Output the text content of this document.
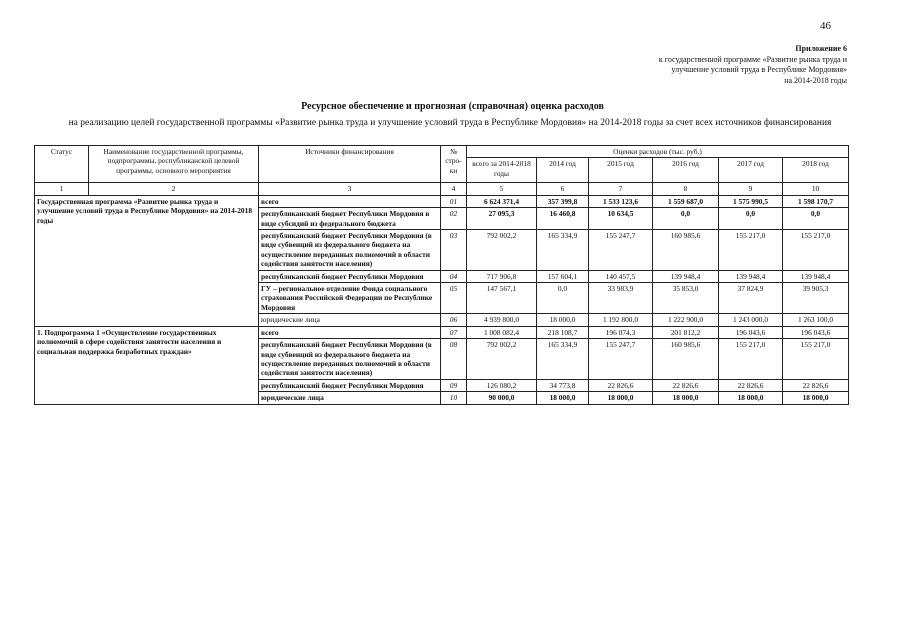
46
Приложение 6
к государственной программе «Развитие рынка труда и
улучшение условий труда в Республике Мордовия»
на 2014-2018 годы
Ресурсное обеспечение и прогнозная (справочная) оценка расходов
на реализацию целей государственной программы «Развитие рынка труда и улучшение условий труда в Республике Мордовия» на 2014-2018 годы за счет всех источников финансирования
Статус	Наименование государственной программы, подпрограммы, республиканской целевой программы, основного мероприятия	Источники финансирования	№ стро-ки	Оценки расходов (тыс. руб.)					
				всего за 2014-2018 годы	2014 год	2015 год	2016 год	2017 год	2018 год
1	2	3	4	5	6	7	8	9	10
Государственная программа «Развитие рынка труда и улучшение условий труда в Республике Мордовия» на 2014-2018 годы		всего	01	6 624 371,4	357 399,8	1 533 123,6	1 559 687,0	1 575 990,5	1 598 170,7
		республиканский бюджет Республики Мордовия в виде субсидий из федерального бюджета	02	27 095,3	16 460,8	10 634,5	0,0	0,0	0,0
		республиканский бюджет Республики Мордовия (в виде субвенций из федерального бюджета на осуществление переданных полномочий в области содействия занятости населения)	03	792 002,2	165 334,9	155 247,7	160 985,6	155 217,0	155 217,0
		республиканский бюджет Республики Мордовия	04	717 906,8	157 604,1	140 457,5	139 948,4	139 948,4	139 948,4
		ГУ – региональное отделение Фонда социального страхования Российской Федерации по Республике Мордовия	05	147 567,1	0,0	33 983,9	35 853,0	37 824,9	39 905,3
		юридические лица	06	4 939 800,0	18 000,0	1 192 800,0	1 222 900,0	1 243 000,0	1 263 100,0
1. Подпрограмма 1 «Осуществление государственных полномочий в сфере содействия занятости населения и социальная поддержка безработных граждан»		всего	07	1 008 082,4	218 108,7	196 074,3	201 812,2	196 043,6	196 043,6
		республиканский бюджет Республики Мордовия (в виде субвенций из федерального бюджета на осуществление переданных полномочий в области содействия занятости населения)	08	792 002,2	165 334,9	155 247,7	160 985,6	155 217,0	155 217,0
		республиканский бюджет Республики Мордовия	09	126 080,2	34 773,8	22 826,6	22 826,6	22 826,6	22 826,6
		юридические лица	10	90 000,0	18 000,0	18 000,0	18 000,0	18 000,0	18 000,0
